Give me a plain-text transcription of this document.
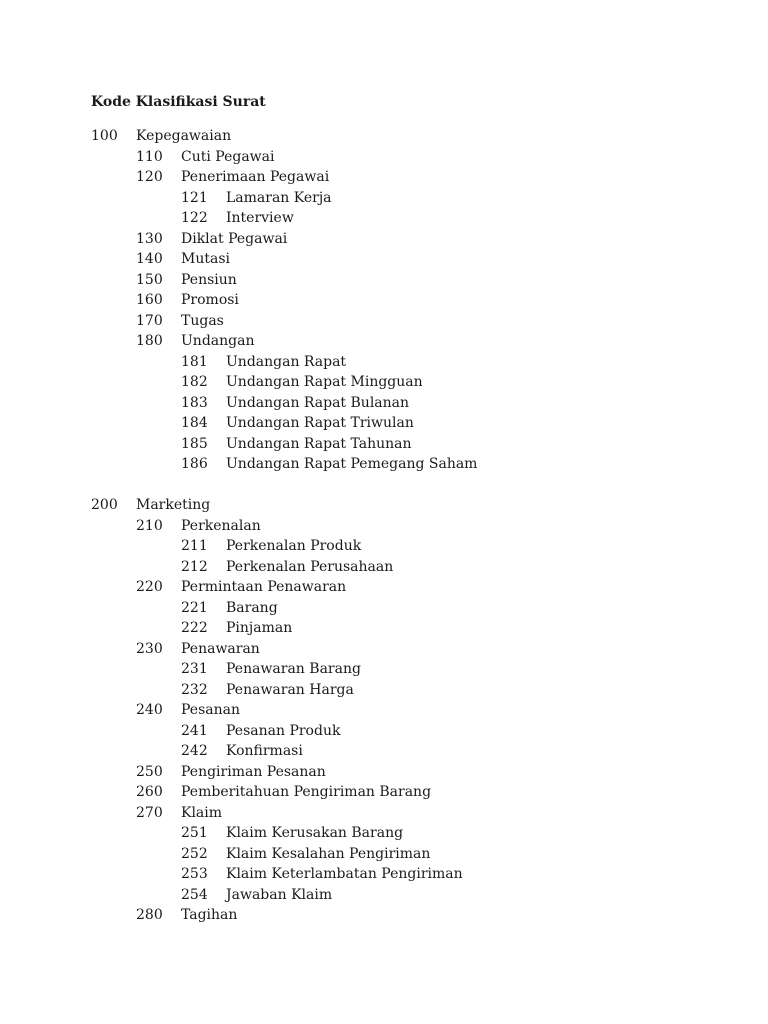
Kode Klasifikasi Surat
100 Kepegawaian
110 Cuti Pegawai
120 Penerimaan Pegawai
121 Lamaran Kerja
122 Interview
130 Diklat Pegawai
140 Mutasi
150 Pensiun
160 Promosi
170 Tugas
180 Undangan
181 Undangan Rapat
182 Undangan Rapat Mingguan
183 Undangan Rapat Bulanan
184 Undangan Rapat Triwulan
185 Undangan Rapat Tahunan
186 Undangan Rapat Pemegang Saham
200 Marketing
210 Perkenalan
211 Perkenalan Produk
212 Perkenalan Perusahaan
220 Permintaan Penawaran
221 Barang
222 Pinjaman
230 Penawaran
231 Penawaran Barang
232 Penawaran Harga
240 Pesanan
241 Pesanan Produk
242 Konfirmasi
250 Pengiriman Pesanan
260 Pemberitahuan Pengiriman Barang
270 Klaim
251 Klaim Kerusakan Barang
252 Klaim Kesalahan Pengiriman
253 Klaim Keterlambatan Pengiriman
254 Jawaban Klaim
280 Tagihan
